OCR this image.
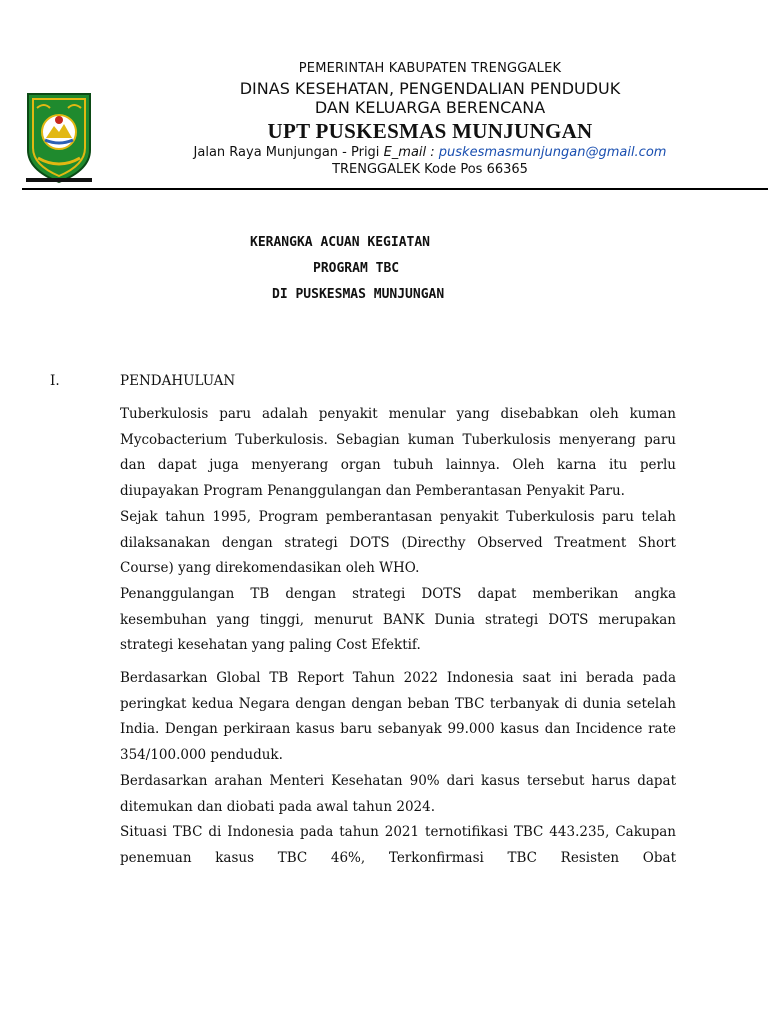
PEMERINTAH KABUPATEN TRENGGALEK
DINAS KESEHATAN, PENGENDALIAN PENDUDUK
DAN KELUARGA BERENCANA
UPT PUSKESMAS MUNJUNGAN
Jalan Raya Munjungan - Prigi E_mail : puskesmasmunjungan@gmail.com
TRENGGALEK Kode Pos 66365
KERANGKA ACUAN KEGIATAN
PROGRAM TBC
DI PUSKESMAS MUNJUNGAN
I.	PENDAHULUAN

Tuberkulosis paru adalah penyakit menular yang disebabkan oleh kuman Mycobacterium Tuberkulosis. Sebagian kuman Tuberkulosis menyerang paru dan dapat juga menyerang organ tubuh lainnya. Oleh karna itu perlu diupayakan Program Penanggulangan dan Pemberantasan Penyakit Paru.

Sejak tahun 1995, Program pemberantasan penyakit Tuberkulosis paru telah dilaksanakan dengan strategi DOTS (Directhy Observed Treatment Short Course) yang direkomendasikan oleh WHO.

Penanggulangan TB dengan strategi DOTS dapat memberikan angka kesembuhan yang tinggi, menurut BANK Dunia strategi DOTS merupakan strategi kesehatan yang paling Cost Efektif.

Berdasarkan Global TB Report Tahun 2022 Indonesia saat ini berada pada peringkat kedua Negara dengan dengan beban TBC terbanyak di dunia setelah India. Dengan perkiraan kasus baru sebanyak 99.000 kasus dan Incidence rate 354/100.000 penduduk.

Berdasarkan arahan Menteri Kesehatan 90% dari kasus tersebut harus dapat ditemukan dan diobati pada awal tahun 2024.

Situasi TBC di Indonesia pada tahun 2021 ternotifikasi TBC 443.235, Cakupan penemuan kasus TBC 46%, Terkonfirmasi TBC Resisten Obat
